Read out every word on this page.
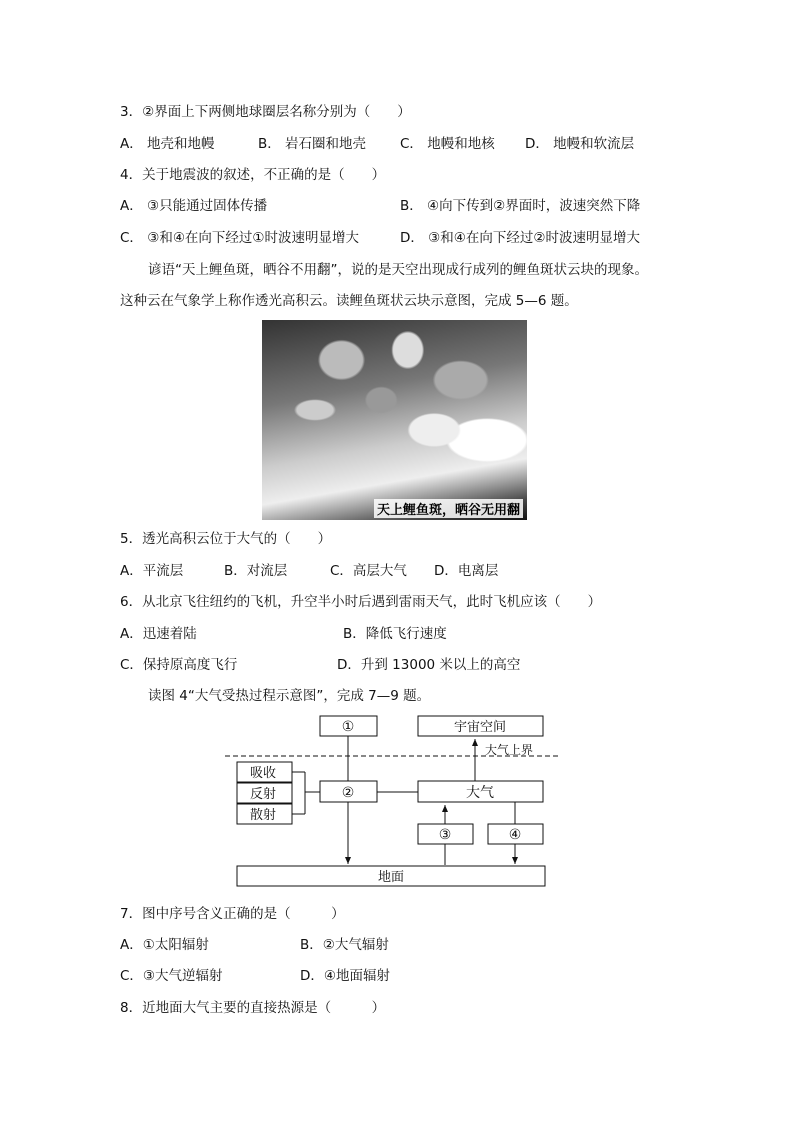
3．②界面上下两侧地球圈层名称分别为（　　）
A． 地壳和地幔	B． 岩石圈和地壳	C． 地幔和地核 D． 地幔和软流层
4．关于地震波的叙述，不正确的是（　　）
A． ③只能通过固体传播	B． ④向下传到②界面时，波速突然下降
C． ③和④在向下经过①时波速明显增大	D． ③和④在向下经过②时波速明显增大
谚语“天上鲤鱼斑，晒谷不用翻”，说的是天空出现成行成列的鲤鱼斑状云块的现象。
这种云在气象学上称作透光高积云。读鲤鱼斑状云块示意图，完成 5—6 题。
天上鲤鱼斑，晒谷无用翻
5．透光高积云位于大气的（　　）
A．平流层	B．对流层	C．高层大气 D．电离层
6．从北京飞往纽约的飞机，升空半小时后遇到雷雨天气，此时飞机应该（　　）
A．迅速着陆	B．降低飞行速度
C．保持原高度飞行	D．升到 13000 米以上的高空
读图 4“大气受热过程示意图”，完成 7—9 题。
①	宇宙空间
大气上界
吸收
反射
散射
②	大气
③	④
地面
7．图中序号含义正确的是（　　　）
A．①太阳辐射	B．②大气辐射
C．③大气逆辐射	D．④地面辐射
8．近地面大气主要的直接热源是（　　　）
